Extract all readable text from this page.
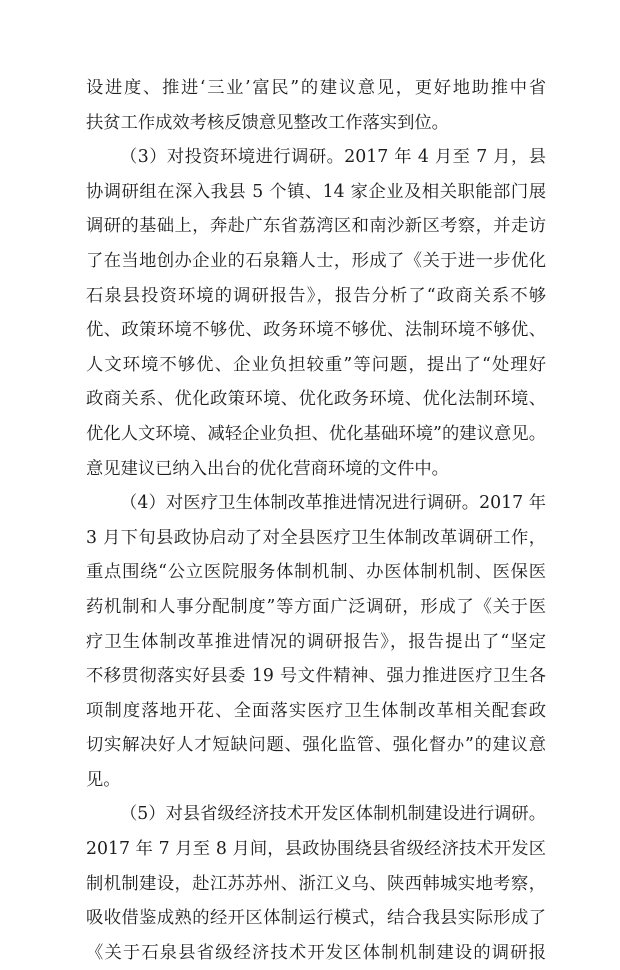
设进度、推进‘三业’富民”的建议意见，更好地助推中省
扶贫工作成效考核反馈意见整改工作落实到位。
（3）对投资环境进行调研。2017 年 4 月至 7 月，县
协调研组在深入我县 5 个镇、14 家企业及相关职能部门展
调研的基础上，奔赴广东省荔湾区和南沙新区考察，并走访
了在当地创办企业的石泉籍人士，形成了《关于进一步优化
石泉县投资环境的调研报告》，报告分析了“政商关系不够
优、政策环境不够优、政务环境不够优、法制环境不够优、
人文环境不够优、企业负担较重”等问题，提出了“处理好
政商关系、优化政策环境、优化政务环境、优化法制环境、
优化人文环境、减轻企业负担、优化基础环境”的建议意见。
意见建议已纳入出台的优化营商环境的文件中。
（4）对医疗卫生体制改革推进情况进行调研。2017 年
3 月下旬县政协启动了对全县医疗卫生体制改革调研工作，
重点围绕“公立医院服务体制机制、办医体制机制、医保医
药机制和人事分配制度”等方面广泛调研，形成了《关于医
疗卫生体制改革推进情况的调研报告》，报告提出了“坚定
不移贯彻落实好县委 19 号文件精神、强力推进医疗卫生各
项制度落地开花、全面落实医疗卫生体制改革相关配套政
切实解决好人才短缺问题、强化监管、强化督办”的建议意
见。
（5）对县省级经济技术开发区体制机制建设进行调研。
2017 年 7 月至 8 月间，县政协围绕县省级经济技术开发区
制机制建设，赴江苏苏州、浙江义乌、陕西韩城实地考察，
吸收借鉴成熟的经开区体制运行模式，结合我县实际形成了
《关于石泉县省级经济技术开发区体制机制建设的调研报
